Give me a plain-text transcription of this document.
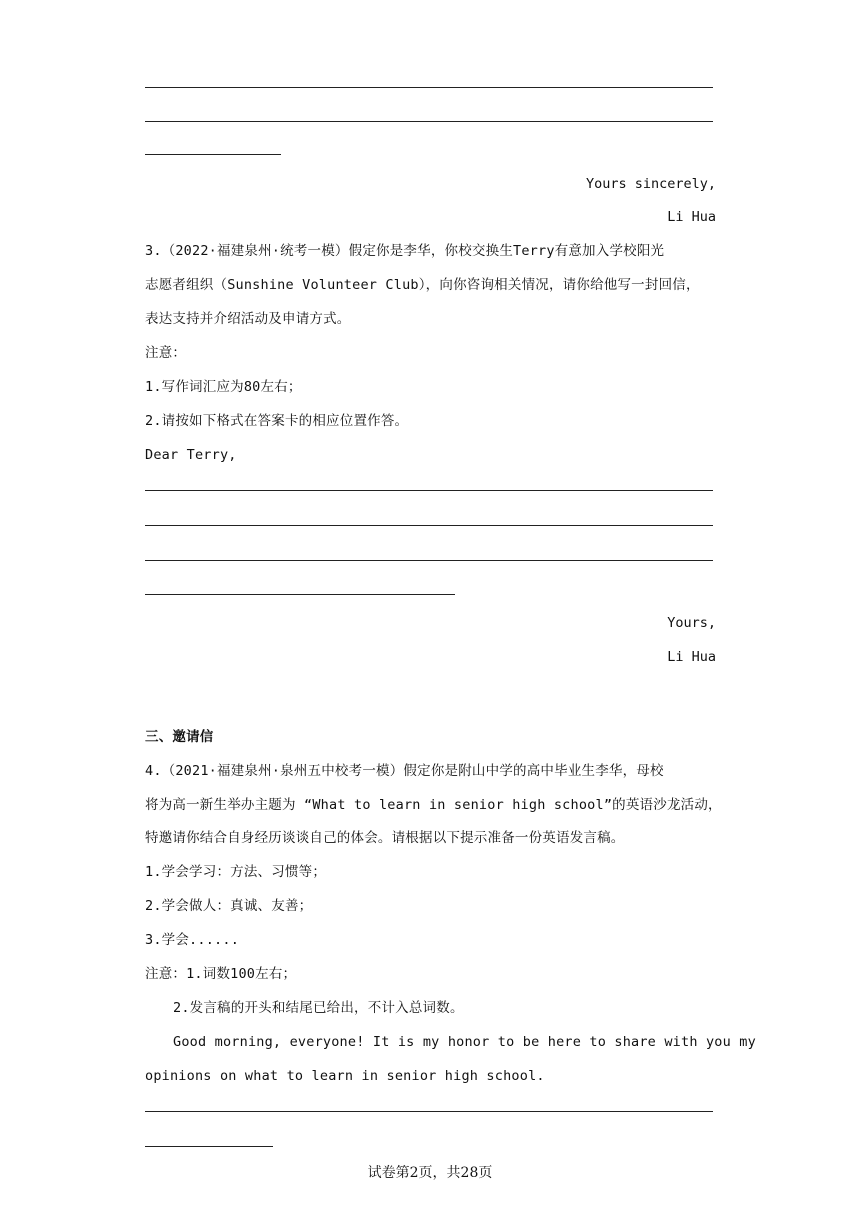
Yours sincerely,
Li Hua
3.（2022·福建泉州·统考一模）假定你是李华，你校交换生Terry有意加入学校阳光
志愿者组织（Sunshine Volunteer Club），向你咨询相关情况，请你给他写一封回信，
表达支持并介绍活动及申请方式。
注意：
1.写作词汇应为80左右；
2.请按如下格式在答案卡的相应位置作答。
Dear Terry,
Yours,
Li Hua
三、邀请信
4.（2021·福建泉州·泉州五中校考一模）假定你是附山中学的高中毕业生李华，母校
将为高一新生举办主题为 “What to learn in senior high school”的英语沙龙活动，
特邀请你结合自身经历谈谈自己的体会。请根据以下提示准备一份英语发言稿。
1.学会学习：方法、习惯等；
2.学会做人：真诚、友善；
3.学会......
注意：1.词数100左右；
2.发言稿的开头和结尾已给出，不计入总词数。
Good morning, everyone! It is my honor to be here to share with you my
opinions on what to learn in senior high school.
试卷第2页，共28页
